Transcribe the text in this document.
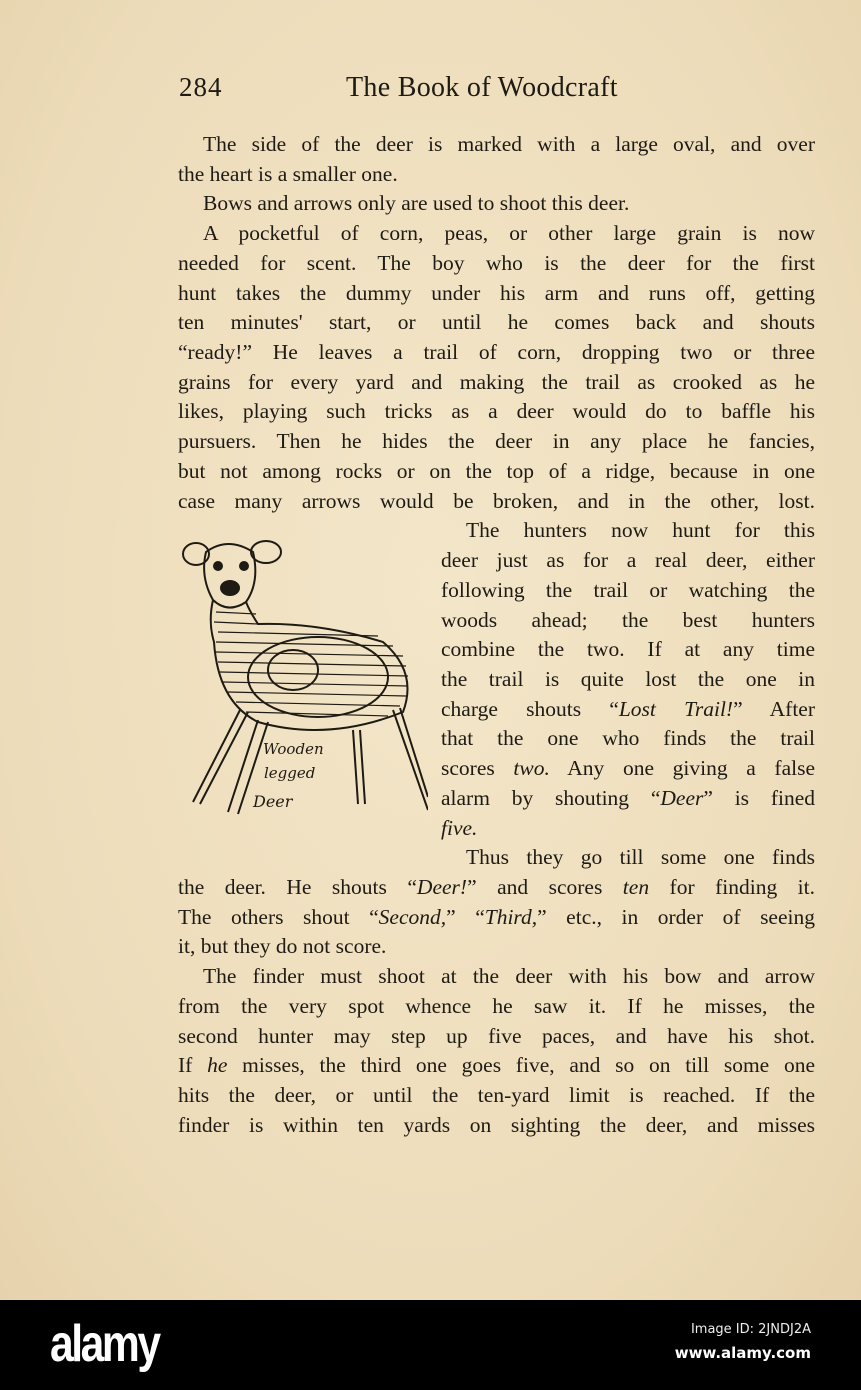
284	The Book of Woodcraft
The side of the deer is marked with a large oval, and over
the heart is a smaller one.
Bows and arrows only are used to shoot this deer.
A pocketful of corn, peas, or other large grain is now
needed for scent. The boy who is the deer for the first
hunt takes the dummy under his arm and runs off, getting
ten minutes' start, or until he comes back and shouts
“ready!” He leaves a trail of corn, dropping two or three
grains for every yard and making the trail as crooked as he
likes, playing such tricks as a deer would do to baffle his
pursuers. Then he hides the deer in any place he fancies,
but not among rocks or on the top of a ridge, because in one
case many arrows would be broken, and in the other, lost.
The hunters now hunt for this
deer just as for a real deer, either
following the trail or watching the
woods ahead; the best hunters
combine the two. If at any time
the trail is quite lost the one in
charge shouts “Lost Trail!” After
that the one who finds the trail
scores two. Any one giving a false
alarm by shouting “Deer” is fined
five.
Thus they go till some one finds
the deer. He shouts “Deer!” and scores ten for finding it.
The others shout “Second,” “Third,” etc., in order of seeing
it, but they do not score.
The finder must shoot at the deer with his bow and arrow
from the very spot whence he saw it. If he misses, the
second hunter may step up five paces, and have his shot.
If he misses, the third one goes five, and so on till some one
hits the deer, or until the ten-yard limit is reached. If the
finder is within ten yards on sighting the deer, and misses
Wooden
legged
Deer
alamy	Image ID: 2JNDJ2A
www.alamy.com
